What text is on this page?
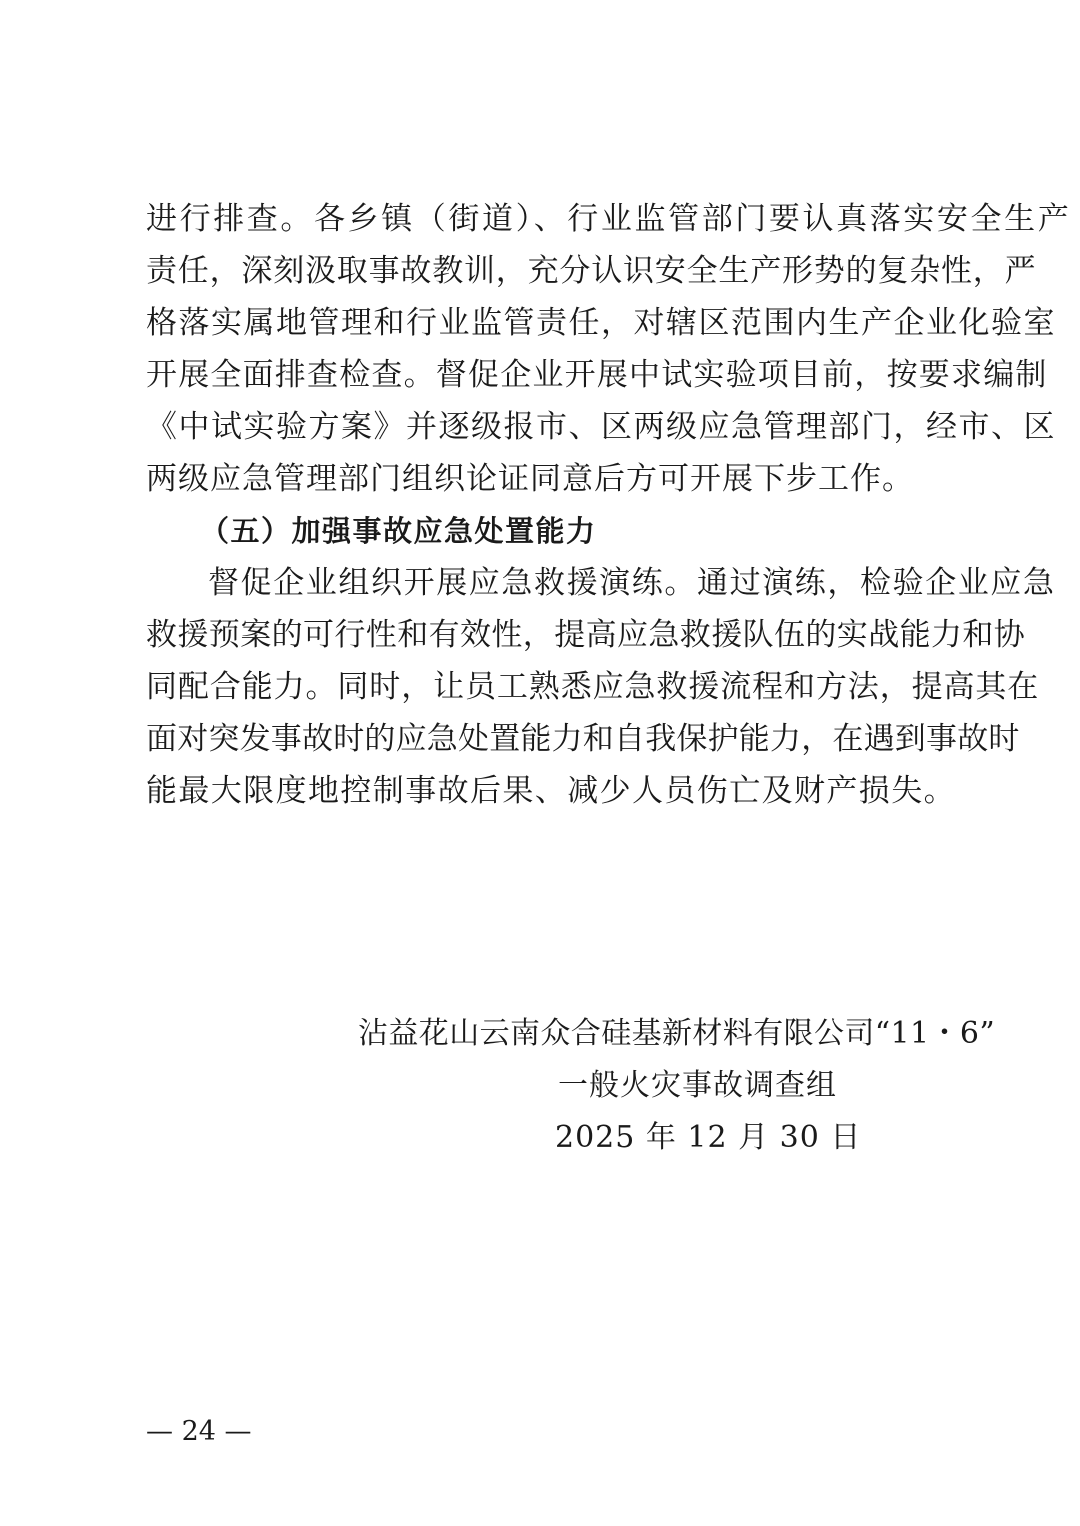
进行排查。各乡镇（街道）、行业监管部门要认真落实安全生产
责任，深刻汲取事故教训，充分认识安全生产形势的复杂性，严
格落实属地管理和行业监管责任，对辖区范围内生产企业化验室
开展全面排查检查。督促企业开展中试实验项目前，按要求编制
《中试实验方案》并逐级报市、区两级应急管理部门，经市、区
两级应急管理部门组织论证同意后方可开展下步工作。
（五）加强事故应急处置能力
督促企业组织开展应急救援演练。通过演练，检验企业应急
救援预案的可行性和有效性，提高应急救援队伍的实战能力和协
同配合能力。同时，让员工熟悉应急救援流程和方法，提高其在
面对突发事故时的应急处置能力和自我保护能力，在遇到事故时
能最大限度地控制事故后果、减少人员伤亡及财产损失。
沾益花山云南众合硅基新材料有限公司“11・6”
一般火灾事故调查组
2025 年 12 月 30 日
— 24 —
